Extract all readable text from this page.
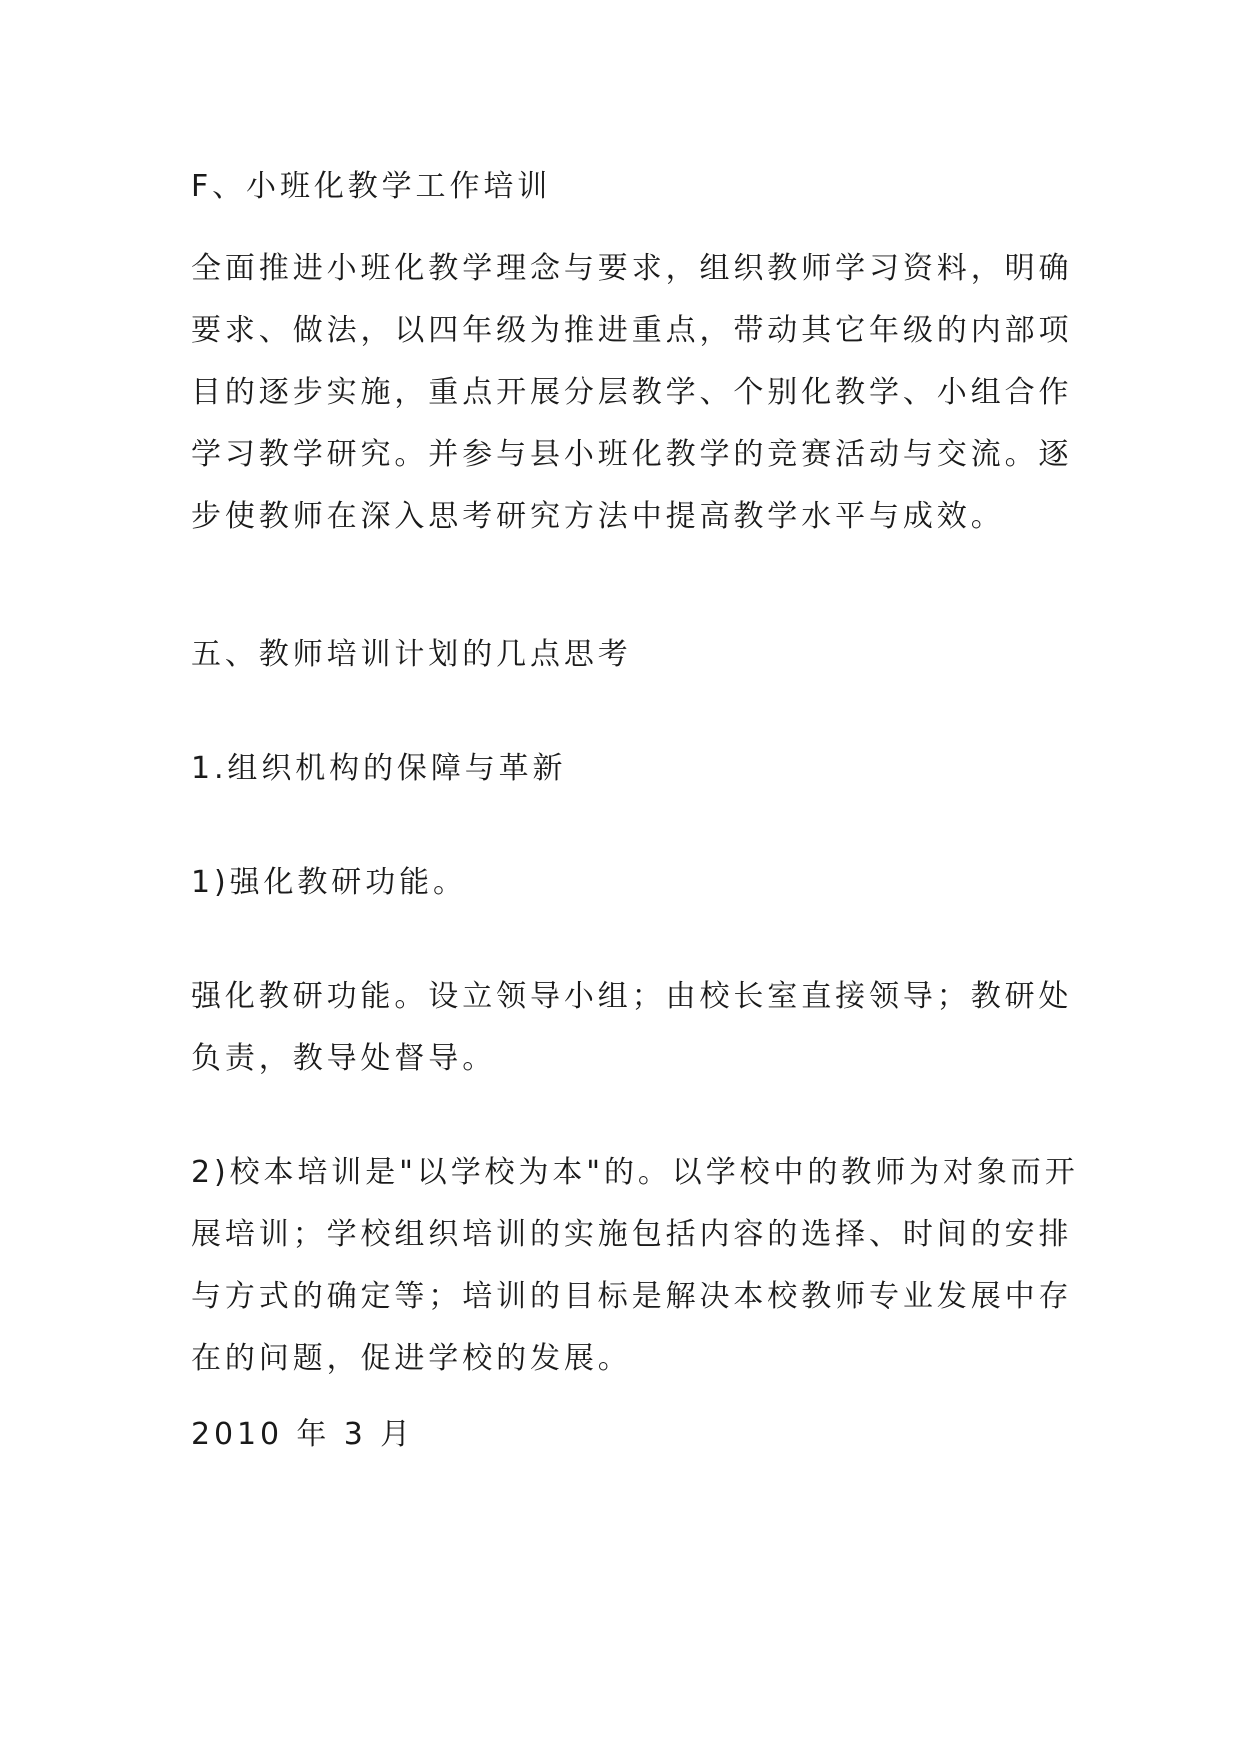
F、小班化教学工作培训
全面推进小班化教学理念与要求，组织教师学习资料，明确
要求、做法，以四年级为推进重点，带动其它年级的内部项
目的逐步实施，重点开展分层教学、个别化教学、小组合作
学习教学研究。并参与县小班化教学的竞赛活动与交流。逐
步使教师在深入思考研究方法中提高教学水平与成效。
五、教师培训计划的几点思考
1.组织机构的保障与革新
1)强化教研功能。
强化教研功能。设立领导小组；由校长室直接领导；教研处
负责，教导处督导。
2)校本培训是"以学校为本"的。以学校中的教师为对象而开
展培训；学校组织培训的实施包括内容的选择、时间的安排
与方式的确定等；培训的目标是解决本校教师专业发展中存
在的问题，促进学校的发展。
2010 年 3 月
